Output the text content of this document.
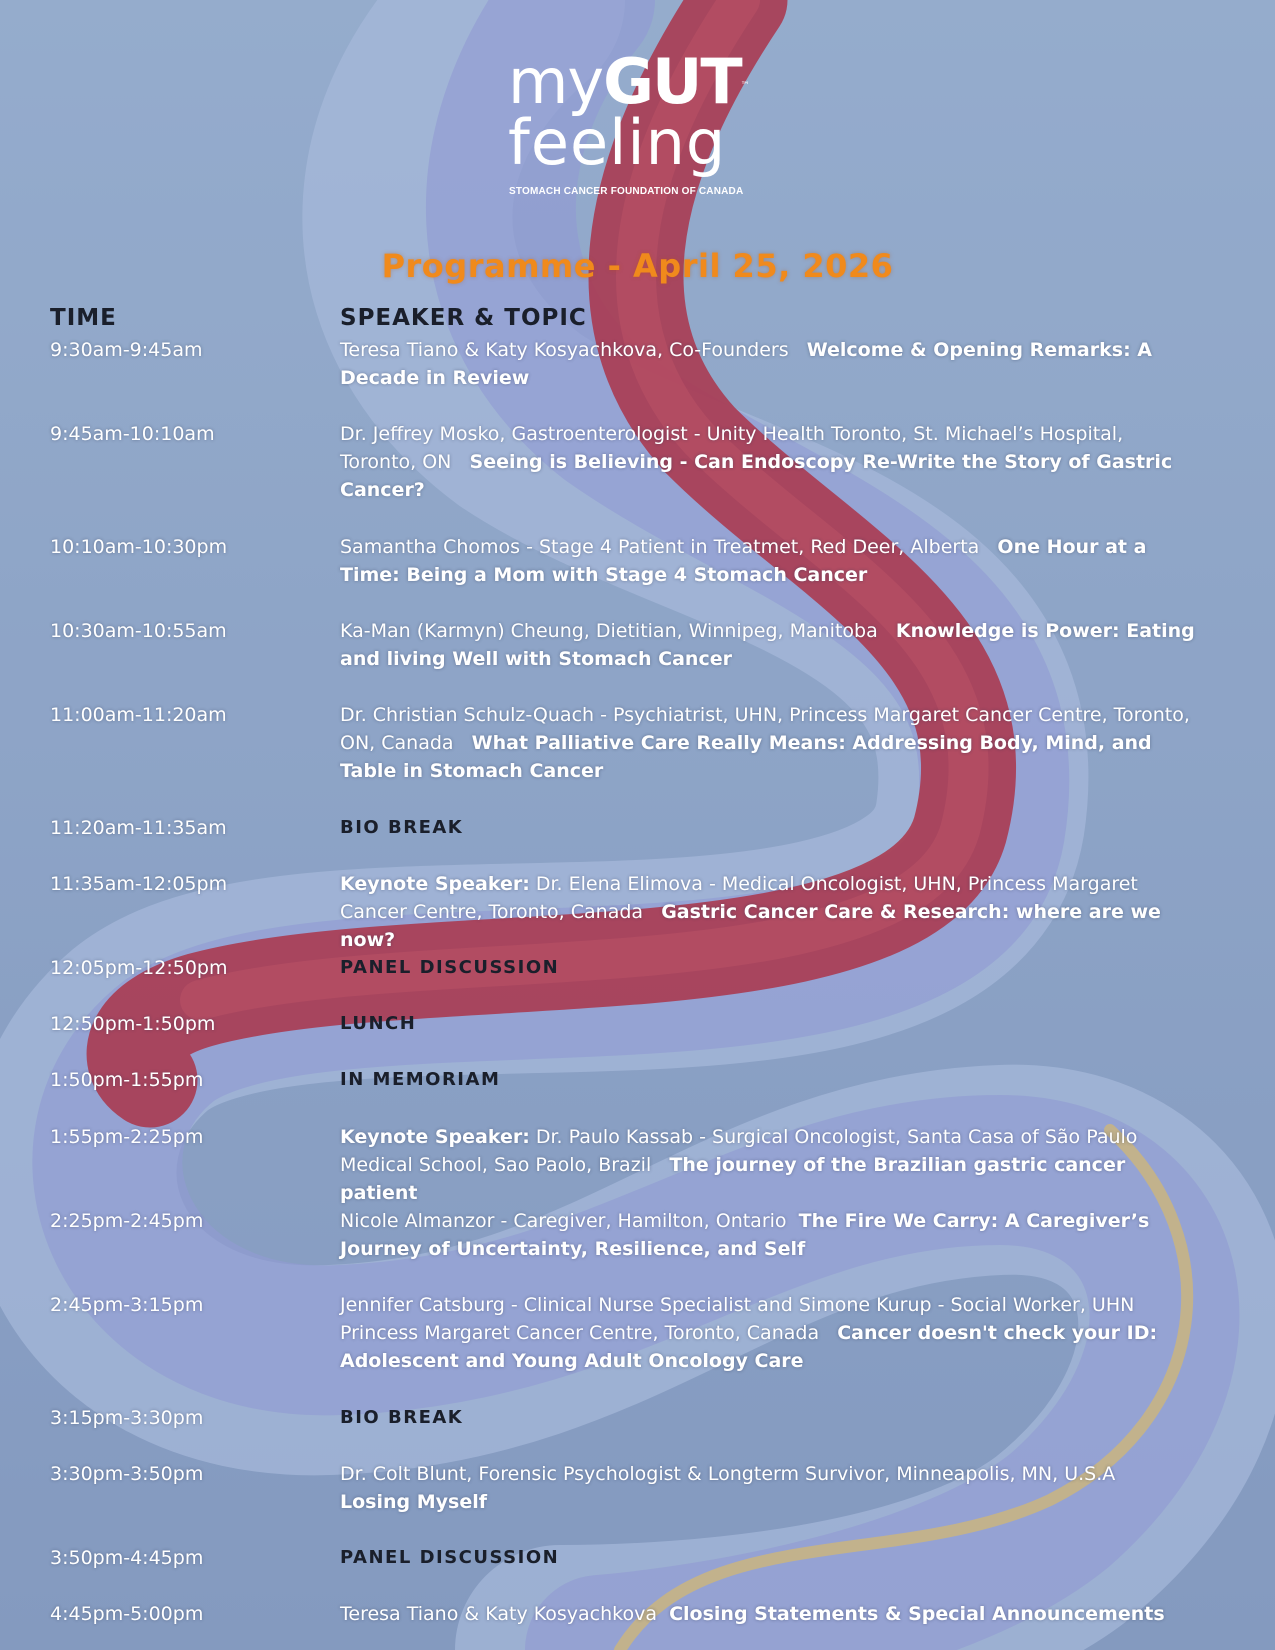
myGUT™
feeling
STOMACH CANCER FOUNDATION OF CANADA
Programme - April 25, 2026
TIME	SPEAKER & TOPIC
9:30am-9:45am	Teresa Tiano & Katy Kosyachkova, Co-Founders Welcome & Opening Remarks: A Decade in Review
9:45am-10:10am	Dr. Jeffrey Mosko, Gastroenterologist - Unity Health Toronto, St. Michael’s Hospital, Toronto, ON Seeing is Believing - Can Endoscopy Re-Write the Story of Gastric Cancer?
10:10am-10:30pm	Samantha Chomos - Stage 4 Patient in Treatmet, Red Deer, Alberta One Hour at a Time: Being a Mom with Stage 4 Stomach Cancer
10:30am-10:55am	Ka-Man (Karmyn) Cheung, Dietitian, Winnipeg, Manitoba Knowledge is Power: Eating and living Well with Stomach Cancer
11:00am-11:20am	Dr. Christian Schulz-Quach - Psychiatrist, UHN, Princess Margaret Cancer Centre, Toronto, ON, Canada What Palliative Care Really Means: Addressing Body, Mind, and Table in Stomach Cancer
11:20am-11:35am	BIO BREAK
11:35am-12:05pm	Keynote Speaker: Dr. Elena Elimova - Medical Oncologist, UHN, Princess Margaret Cancer Centre, Toronto, Canada Gastric Cancer Care & Research: where are we now?
12:05pm-12:50pm	PANEL DISCUSSION
12:50pm-1:50pm	LUNCH
1:50pm-1:55pm	IN MEMORIAM
1:55pm-2:25pm	Keynote Speaker: Dr. Paulo Kassab - Surgical Oncologist, Santa Casa of São Paulo Medical School, Sao Paolo, Brazil The journey of the Brazilian gastric cancer patient
2:25pm-2:45pm	Nicole Almanzor - Caregiver, Hamilton, Ontario The Fire We Carry: A Caregiver’s Journey of Uncertainty, Resilience, and Self
2:45pm-3:15pm	Jennifer Catsburg - Clinical Nurse Specialist and Simone Kurup - Social Worker, UHN Princess Margaret Cancer Centre, Toronto, Canada Cancer doesn't check your ID: Adolescent and Young Adult Oncology Care
3:15pm-3:30pm	BIO BREAK
3:30pm-3:50pm	Dr. Colt Blunt, Forensic Psychologist & Longterm Survivor, Minneapolis, MN, U.S.A
Losing Myself
3:50pm-4:45pm	PANEL DISCUSSION
4:45pm-5:00pm	Teresa Tiano & Katy Kosyachkova Closing Statements & Special Announcements
